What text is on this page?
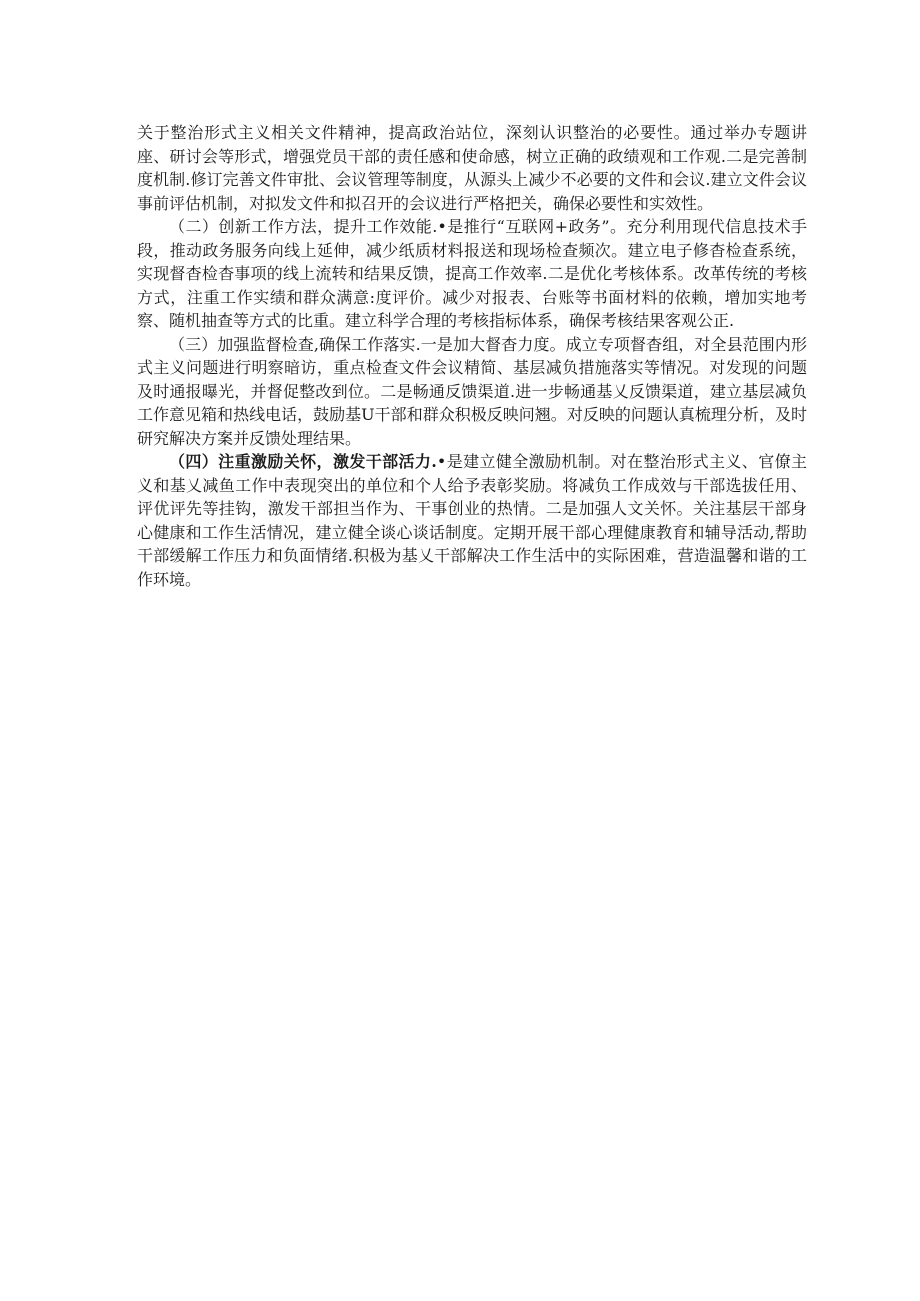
关于整治形式主义相关文件精神，提高政治站位，深刻认识整治的必要性。通过举办专题讲座、研讨会等形式，增强党员干部的责任感和使命感，树立正确的政绩观和工作观.二是完善制度机制.修订完善文件审批、会议管理等制度，从源头上减少不必要的文件和会议.建立文件会议事前评估机制，对拟发文件和拟召开的会议进行严格把关，确保必要性和实效性。

（二）创新工作方法，提升工作效能.•是推行“互联网+政务”。充分利用现代信息技术手段，推动政务服务向线上延伸，减少纸质材料报送和现场检查频次。建立电子修杳检查系统，实现督杳检杳事项的线上流转和结果反馈，提高工作效率.二是优化考核体系。改革传统的考核方式，注重工作实绩和群众满意:度评价。减少对报表、台账等书面材料的依赖，增加实地考察、随机抽查等方式的比重。建立科学合理的考核指标体系，确保考核结果客观公正.

（三）加强监督检查,确保工作落实.一是加大督杳力度。成立专项督杳组，对全县范围内形式主义问题进行明察暗访，重点检查文件会议精简、基层减负措施落实等情况。对发现的问题及时通报曝光，并督促整改到位。二是畅通反馈渠道.进一步畅通基乂反馈渠道，建立基层减负工作意见箱和热线电话，鼓励基U干部和群众积极反映问翘。对反映的问题认真梳理分析，及时研究解决方案并反馈处理结果。

（四）注重激励关怀，激发干部活力.•是建立健全激励机制。对在整治形式主义、官僚主义和基乂减鱼工作中表现突出的单位和个人给予表彰奖励。将减负工作成效与干部选拔任用、评优评先等挂钩，激发干部担当作为、干事创业的热情。二是加强人文关怀。关注基层干部身心健康和工作生活情况，建立健全谈心谈话制度。定期开展干部心理健康教育和辅导活动,帮助干部缓解工作压力和负面情绪.积极为基乂干部解决工作生活中的实际困难，营造温馨和谐的工作环境。
